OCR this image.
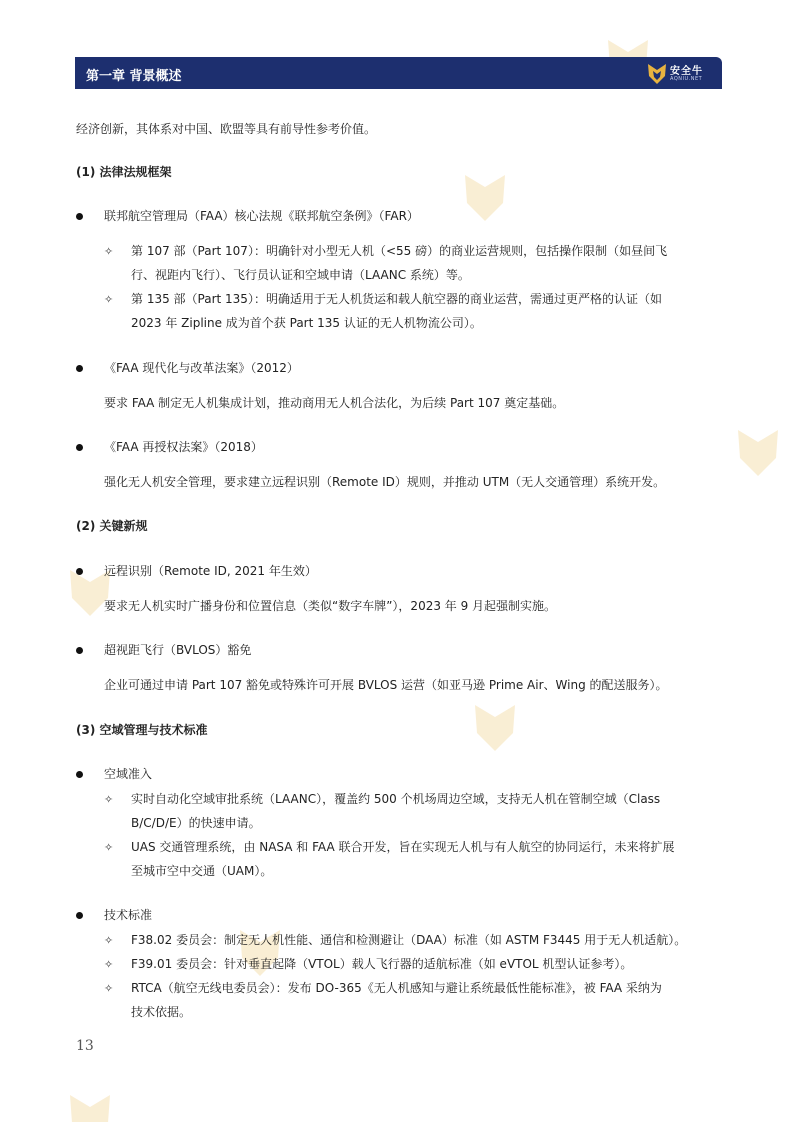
第一章 背景概述	安全牛
AQNIU.NET
经济创新，其体系对中国、欧盟等具有前导性参考价值。
(1) 法律法规框架
联邦航空管理局（FAA）核心法规《联邦航空条例》（FAR）
✧ 第 107 部（Part 107）：明确针对小型无人机（<55 磅）的商业运营规则，包括操作限制（如昼间飞
行、视距内飞行）、飞行员认证和空域申请（LAANC 系统）等。
✧ 第 135 部（Part 135）：明确适用于无人机货运和载人航空器的商业运营，需通过更严格的认证（如
2023 年 Zipline 成为首个获 Part 135 认证的无人机物流公司）。
《FAA 现代化与改革法案》（2012）
要求 FAA 制定无人机集成计划，推动商用无人机合法化，为后续 Part 107 奠定基础。
《FAA 再授权法案》（2018）
强化无人机安全管理，要求建立远程识别（Remote ID）规则，并推动 UTM（无人交通管理）系统开发。
(2) 关键新规
远程识别（Remote ID, 2021 年生效）
要求无人机实时广播身份和位置信息（类似“数字车牌”），2023 年 9 月起强制实施。
超视距飞行（BVLOS）豁免
企业可通过申请 Part 107 豁免或特殊许可开展 BVLOS 运营（如亚马逊 Prime Air、Wing 的配送服务）。
(3) 空域管理与技术标准
空域准入
✧ 实时自动化空域审批系统（LAANC），覆盖约 500 个机场周边空域，支持无人机在管制空域（Class
B/C/D/E）的快速申请。
✧ UAS 交通管理系统，由 NASA 和 FAA 联合开发，旨在实现无人机与有人航空的协同运行，未来将扩展
至城市空中交通（UAM）。
技术标准
✧ F38.02 委员会：制定无人机性能、通信和检测避让（DAA）标准（如 ASTM F3445 用于无人机适航）。
✧ F39.01 委员会：针对垂直起降（VTOL）载人飞行器的适航标准（如 eVTOL 机型认证参考）。
✧ RTCA（航空无线电委员会）：发布 DO-365《无人机感知与避让系统最低性能标准》，被 FAA 采纳为
技术依据。
13
